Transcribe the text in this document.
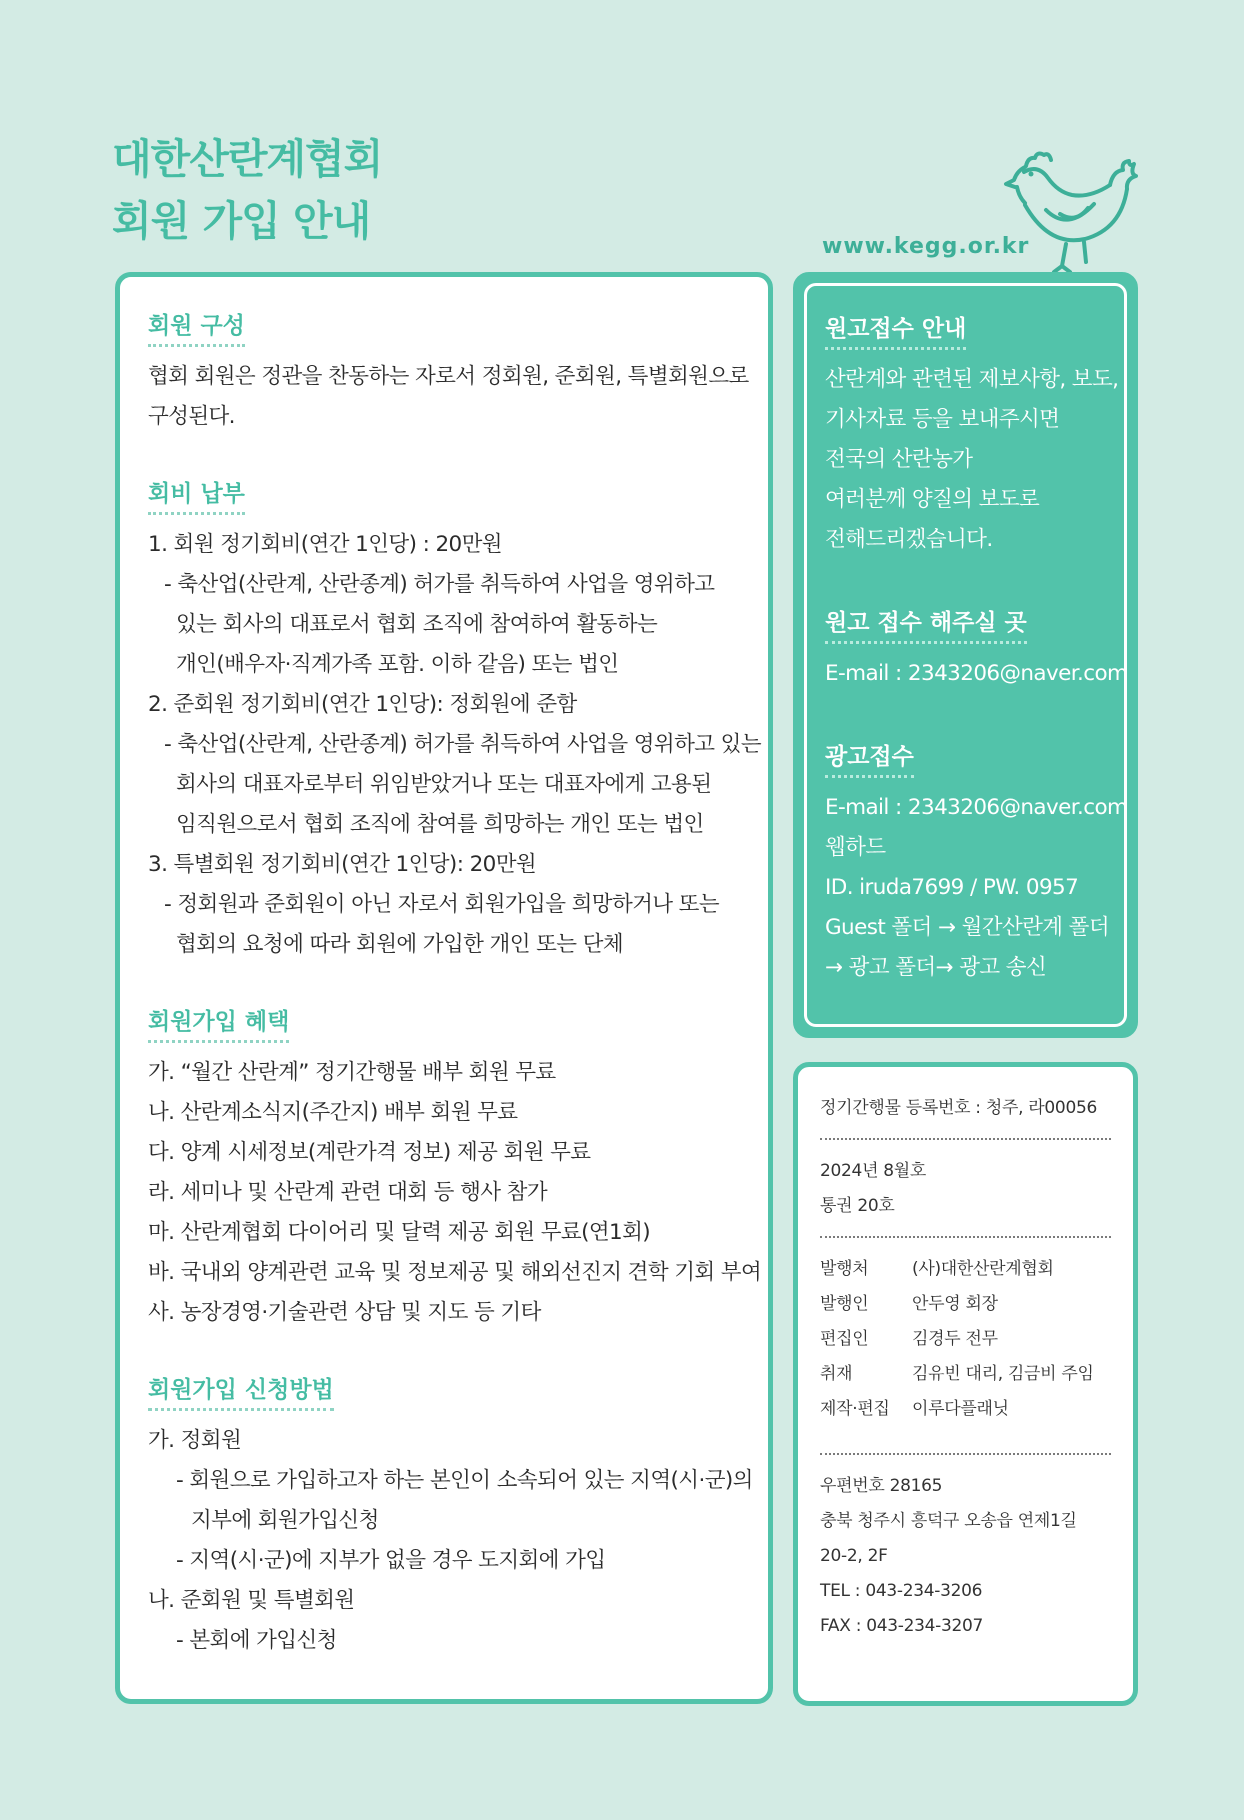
대한산란계협회
회원 가입 안내
www.kegg.or.kr
회원 구성
협회 회원은 정관을 찬동하는 자로서 정회원, 준회원, 특별회원으로
구성된다.
회비 납부
1. 회원 정기회비(연간 1인당) : 20만원
- 축산업(산란계, 산란종계) 허가를 취득하여 사업을 영위하고
있는 회사의 대표로서 협회 조직에 참여하여 활동하는
개인(배우자·직계가족 포함. 이하 같음) 또는 법인
2. 준회원 정기회비(연간 1인당): 정회원에 준함
- 축산업(산란계, 산란종계) 허가를 취득하여 사업을 영위하고 있는
회사의 대표자로부터 위임받았거나 또는 대표자에게 고용된
임직원으로서 협회 조직에 참여를 희망하는 개인 또는 법인
3. 특별회원 정기회비(연간 1인당): 20만원
- 정회원과 준회원이 아닌 자로서 회원가입을 희망하거나 또는
협회의 요청에 따라 회원에 가입한 개인 또는 단체
회원가입 혜택
가. “월간 산란계” 정기간행물 배부 회원 무료
나. 산란계소식지(주간지) 배부 회원 무료
다. 양계 시세정보(계란가격 정보) 제공 회원 무료
라. 세미나 및 산란계 관련 대회 등 행사 참가
마. 산란계협회 다이어리 및 달력 제공 회원 무료(연1회)
바. 국내외 양계관련 교육 및 정보제공 및 해외선진지 견학 기회 부여
사. 농장경영·기술관련 상담 및 지도 등 기타
회원가입 신청방법
가. 정회원
- 회원으로 가입하고자 하는 본인이 소속되어 있는 지역(시·군)의
지부에 회원가입신청
- 지역(시·군)에 지부가 없을 경우 도지회에 가입
나. 준회원 및 특별회원
- 본회에 가입신청
원고접수 안내
산란계와 관련된 제보사항, 보도,
기사자료 등을 보내주시면
전국의 산란농가
여러분께 양질의 보도로
전해드리겠습니다.
원고 접수 해주실 곳
E-mail : 2343206@naver.com
광고접수
E-mail : 2343206@naver.com
웹하드
ID. iruda7699 / PW. 0957
Guest 폴더 → 월간산란계 폴더
→ 광고 폴더→ 광고 송신
정기간행물 등록번호 : 청주, 라00056
2024년 8월호
통권 20호
발행처	(사)대한산란계협회
발행인	안두영 회장
편집인	김경두 전무
취재	김유빈 대리, 김금비 주임
제작·편집	이루다플래닛
우편번호 28165
충북 청주시 흥덕구 오송읍 연제1길
20-2, 2F
TEL : 043-234-3206
FAX : 043-234-3207
